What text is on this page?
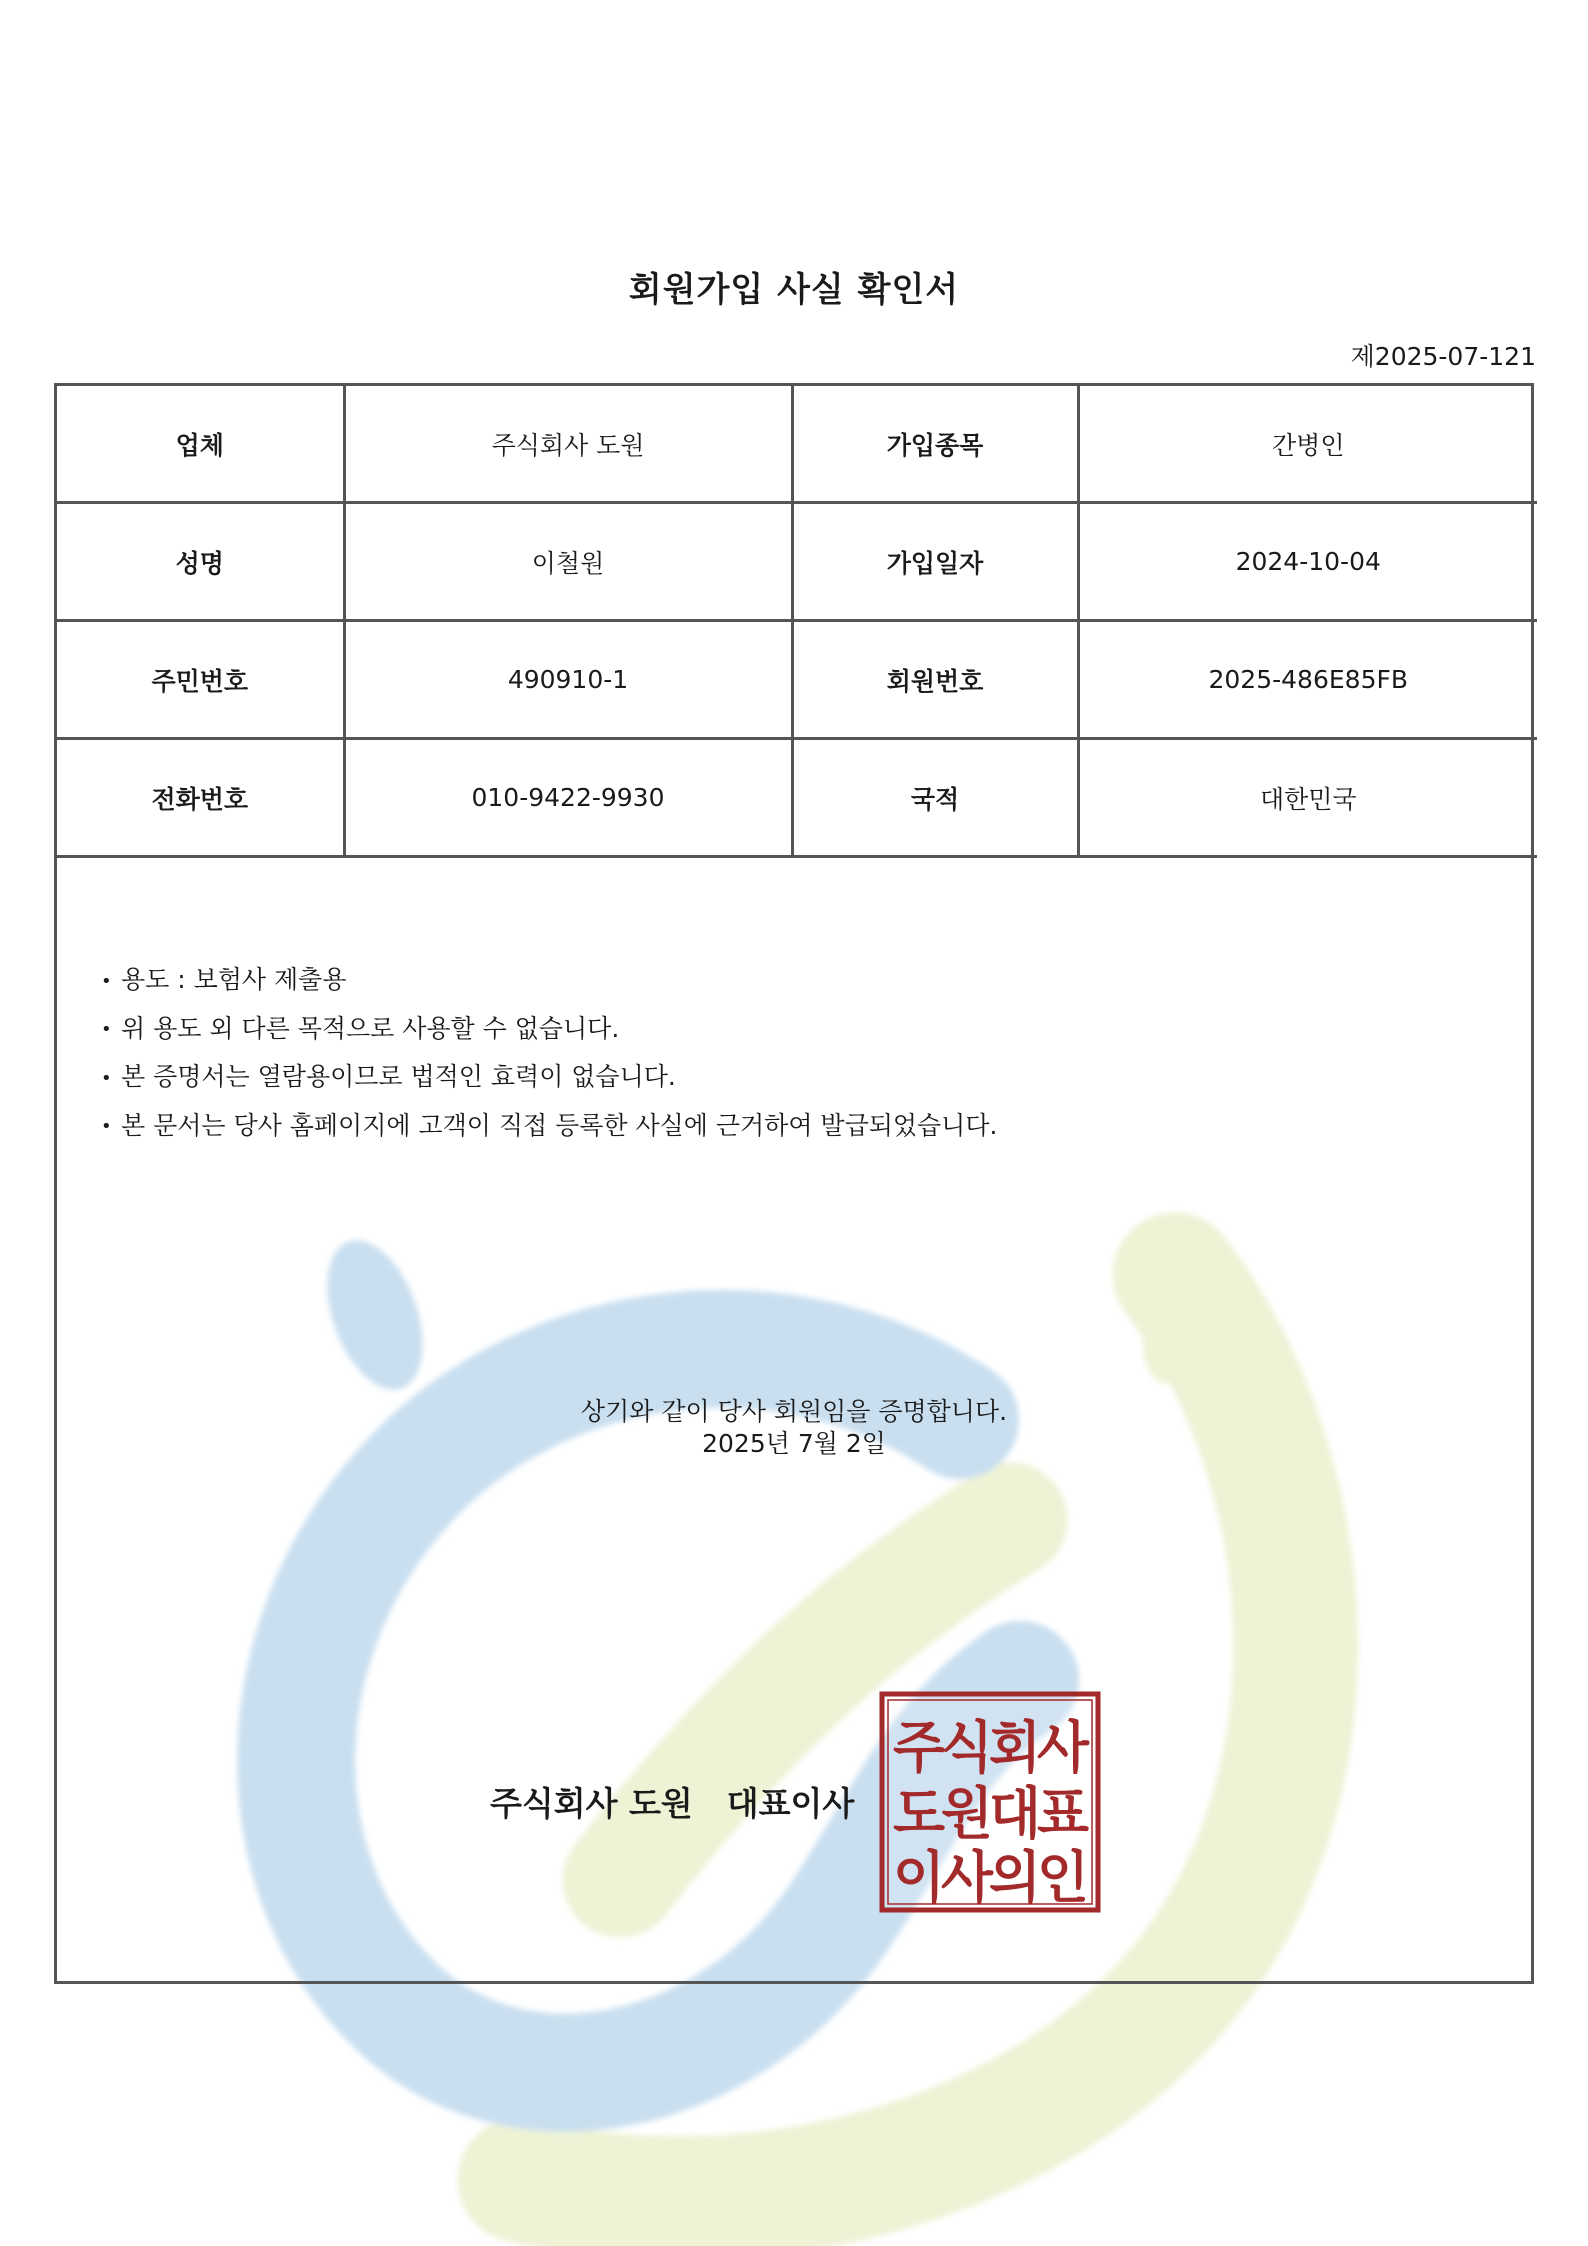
회원가입 사실 확인서
제2025-07-121
업체	주식회사 도원	가입종목	간병인
성명	이철원	가입일자	2024-10-04
주민번호	490910-1	회원번호	2025-486E85FB
전화번호	010-9422-9930	국적	대한민국
• 용도 : 보험사 제출용
• 위 용도 외 다른 목적으로 사용할 수 없습니다.
• 본 증명서는 열람용이므로 법적인 효력이 없습니다.
• 본 문서는 당사 홈페이지에 고객이 직접 등록한 사실에 근거하여 발급되었습니다.
상기와 같이 당사 회원임을 증명합니다.
2025년 7월 2일
주식회사 도원 대표이사
주
식
회
사
도
원
대
표
이
사
의
인
